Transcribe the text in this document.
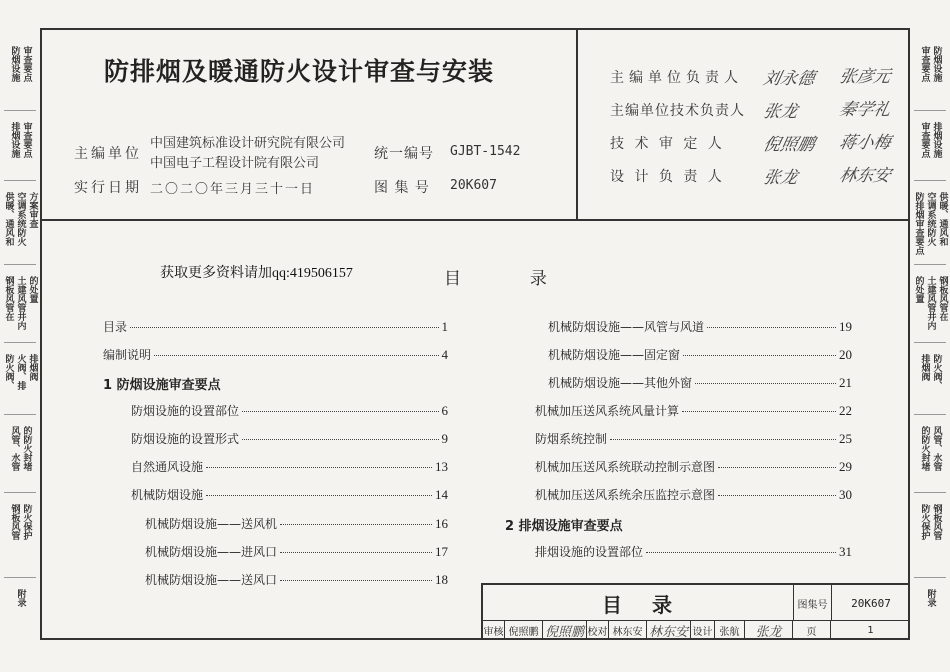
审查要点
防烟设施
审查要点
排烟设施
方案审查
空调系统防火
供暖、通风和
的处置
土建风管井内
钢板风管在
排烟阀
火阀、排
防火阀、
的防火封堵
风管、水管
防火保护
钢板风管
附录
防烟设施
审查要点
排烟设施
审查要点
供暖、通风和
空调系统防火
防排烟审查要点
钢板风管在
土建风管井内
的处置
防火阀、
排烟阀
风管、水管
的防火封堵
钢板风管
防火保护
附录
防排烟及暖通防火设计审查与安装
主编单位
中国建筑标准设计研究院有限公司
中国电子工程设计院有限公司
实行日期 二〇二〇年三月三十一日
统一编号 GJBT-1542
图 集 号 20K607
主编单位负责人 刘永德 张彦元
主编单位技术负责人 张龙 秦学礼
技 术 审 定 人 倪照鹏 蒋小梅
设 计 负 责 人 张龙 林东安
获取更多资料请加qq:419506157	目	录
目录	1
编制说明	4
1 防烟设施审查要点
防烟设施的设置部位	6
防烟设施的设置形式	9
自然通风设施	13
机械防烟设施	14
机械防烟设施——送风机	16
机械防烟设施——进风口	17
机械防烟设施——送风口	18
机械防烟设施——风管与风道	19
机械防烟设施——固定窗	20
机械防烟设施——其他外窗	21
机械加压送风系统风量计算	22
防烟系统控制	25
机械加压送风系统联动控制示意图	29
机械加压送风系统余压监控示意图	30
2 排烟设施审查要点
排烟设施的设置部位	31
目 录	图集号	20K607
审核 倪照鹏 倪照鹏 校对 林东安 林东安 设计 张航	张龙	页	1
